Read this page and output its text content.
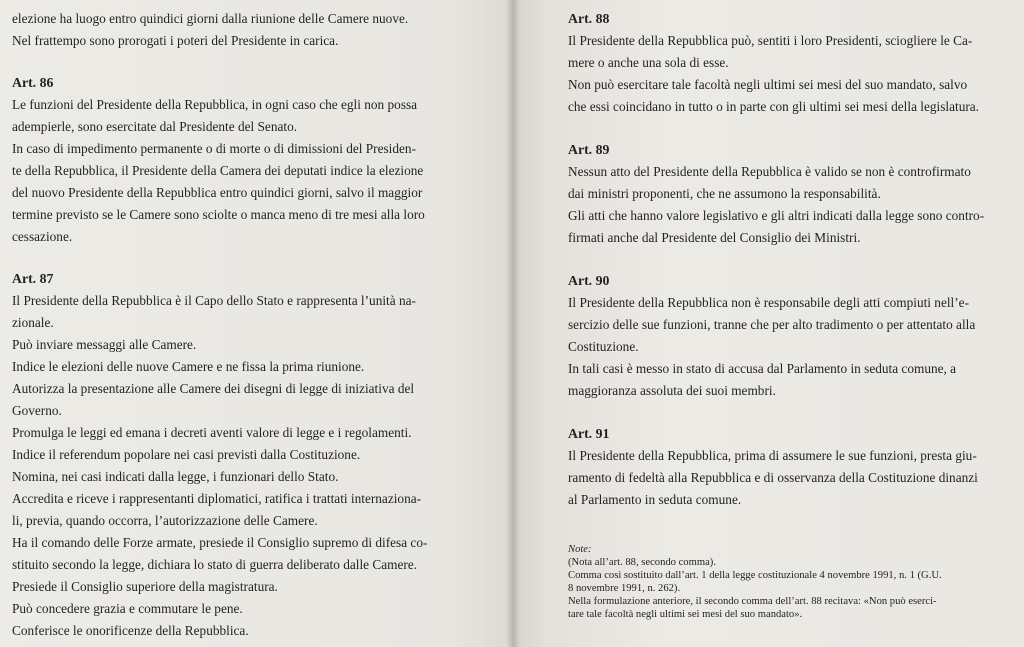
elezione ha luogo entro quindici giorni dalla riunione delle Camere nuove.
Nel frattempo sono prorogati i poteri del Presidente in carica.
Art. 86
Le funzioni del Presidente della Repubblica, in ogni caso che egli non possa
adempierle, sono esercitate dal Presidente del Senato.
In caso di impedimento permanente o di morte o di dimissioni del Presiden-
te della Repubblica, il Presidente della Camera dei deputati indice la elezione
del nuovo Presidente della Repubblica entro quindici giorni, salvo il maggior
termine previsto se le Camere sono sciolte o manca meno di tre mesi alla loro
cessazione.
Art. 87
Il Presidente della Repubblica è il Capo dello Stato e rappresenta l’unità na-
zionale.
Può inviare messaggi alle Camere.
Indice le elezioni delle nuove Camere e ne fissa la prima riunione.
Autorizza la presentazione alle Camere dei disegni di legge di iniziativa del
Governo.
Promulga le leggi ed emana i decreti aventi valore di legge e i regolamenti.
Indice il referendum popolare nei casi previsti dalla Costituzione.
Nomina, nei casi indicati dalla legge, i funzionari dello Stato.
Accredita e riceve i rappresentanti diplomatici, ratifica i trattati internaziona-
li, previa, quando occorra, l’autorizzazione delle Camere.
Ha il comando delle Forze armate, presiede il Consiglio supremo di difesa co-
stituito secondo la legge, dichiara lo stato di guerra deliberato dalle Camere.
Presiede il Consiglio superiore della magistratura.
Può concedere grazia e commutare le pene.
Conferisce le onorificenze della Repubblica.
Art. 88
Il Presidente della Repubblica può, sentiti i loro Presidenti, sciogliere le Ca-
mere o anche una sola di esse.
Non può esercitare tale facoltà negli ultimi sei mesi del suo mandato, salvo
che essi coincidano in tutto o in parte con gli ultimi sei mesi della legislatura.
Art. 89
Nessun atto del Presidente della Repubblica è valido se non è controfirmato
dai ministri proponenti, che ne assumono la responsabilità.
Gli atti che hanno valore legislativo e gli altri indicati dalla legge sono contro-
firmati anche dal Presidente del Consiglio dei Ministri.
Art. 90
Il Presidente della Repubblica non è responsabile degli atti compiuti nell’e-
sercizio delle sue funzioni, tranne che per alto tradimento o per attentato alla
Costituzione.
In tali casi è messo in stato di accusa dal Parlamento in seduta comune, a
maggioranza assoluta dei suoi membri.
Art. 91
Il Presidente della Repubblica, prima di assumere le sue funzioni, presta giu-
ramento di fedeltà alla Repubblica e di osservanza della Costituzione dinanzi
al Parlamento in seduta comune.
Note:
(Nota all’art. 88, secondo comma).
Comma così sostituito dall’art. 1 della legge costituzionale 4 novembre 1991, n. 1 (G.U.
8 novembre 1991, n. 262).
Nella formulazione anteriore, il secondo comma dell’art. 88 recitava: «Non può eserci-
tare tale facoltà negli ultimi sei mesi del suo mandato».
